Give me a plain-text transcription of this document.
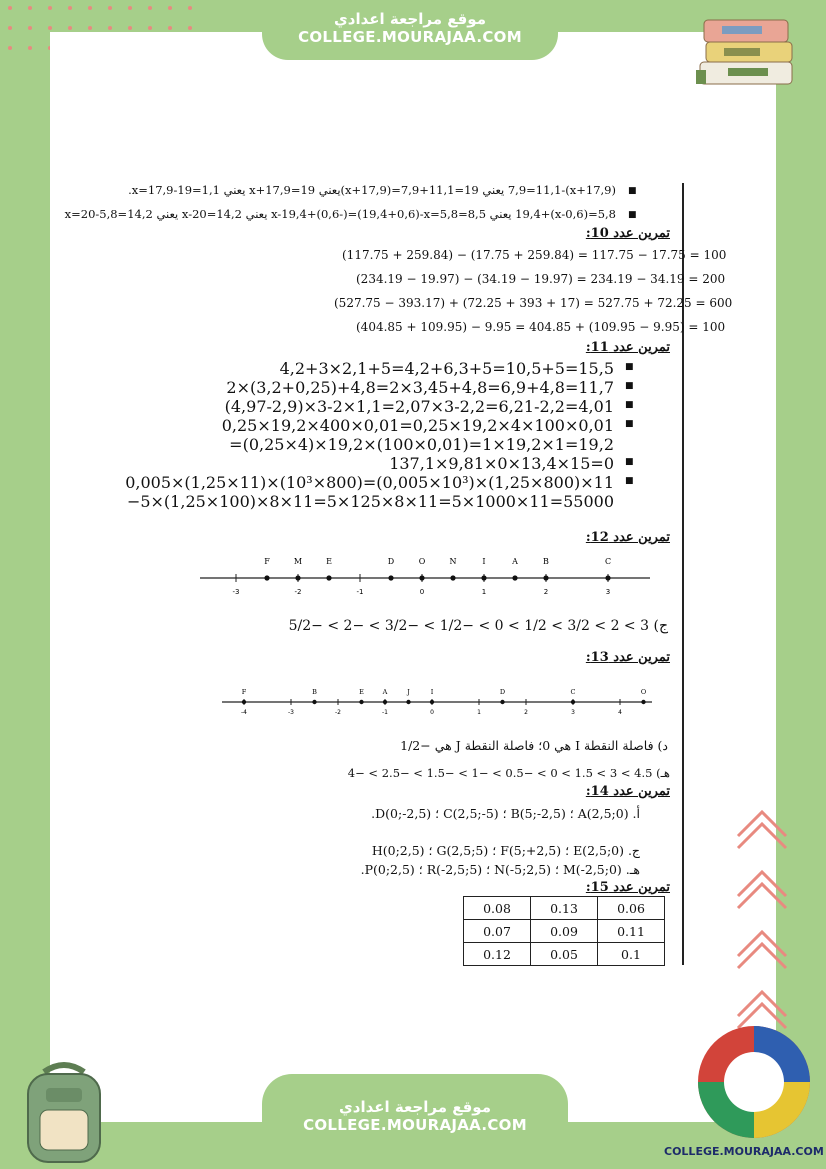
موقع مراجعة اعدادي
COLLEGE.MOURAJAA.COM
■
(x+17,9)-7,9=11,1 يعني 19=11,1+7,9=(x+17,9)يعني 19=x+17,9 يعني 1,1=19-17,9=x.
■
5,8=(0,6-x)+19,4 يعني 8,5=x-19,4+(0,6-)=(19,4+0,6)-x=5,8 يعني x-20=14,2 يعني x=20-5,8=14,2
تمرين عدد 10:
(117.75 + 259.84) − (17.75 + 259.84) = 117.75 − 17.75 = 100
(234.19 − 19.97) − (34.19 − 19.97) = 234.19 − 34.19 = 200
(527.75 − 393.17) + (72.25 + 393 + 17) = 527.75 + 72.25 = 600
(404.85 + 109.95) − 9.95 = 404.85 + (109.95 − 9.95) = 100
تمرين عدد 11:
■
4,2+3×2,1+5=4,2+6,3+5=10,5+5=15,5
■
2×(3,2+0,25)+4,8=2×3,45+4,8=6,9+4,8=11,7
■
(4,97-2,9)×3-2×1,1=2,07×3-2,2=6,21-2,2=4,01
■
0,25×19,2×400×0,01=0,25×19,2×4×100×0,01
=(0,25×4)×19,2×(100×0,01)=1×19,2×1=19,2
■
137,1×9,81×0×13,4×15=0
■
0,005×(1,25×11)×(10³×800)=(0,005×10³)×(1,25×800)×11
−5×(1,25×100)×8×11=5×125×8×11=5×1000×11=55000
تمرين عدد 12:
-3	-2	-1	0	1	2	3
F	M	E	D	O	N	I	A	B	C
ج) 3 > 2 > 3/2 > 1/2 > 0 > −1/2 > −3/2 > −2 > −5/2
تمرين عدد 13:
-4	-3	-2	-1	0	1	2	3	4
F	B	E	A	J	I	D	C	O
د) فاصلة النقطة I هي 0؛ فاصلة النقطة J هي −1/2
هـ) 4.5 > 3 > 1.5 > 0 > −0.5 > −1 > −1.5 > −2.5 > −4
تمرين عدد 14:
أ. A(2,5;0) ؛ B(5;-2,5) ؛ C(2,5;-5) ؛ D(0;-2,5).
ج. E(2,5;0) ؛ F(5;+2,5) ؛ G(2,5;5) ؛ H(0;2,5)
هـ. M(-2,5;0) ؛ N(-5;2,5) ؛ R(-2,5;5) ؛ P(0;2,5).
تمرين عدد 15:
0.08	0.13	0.06
0.07	0.09	0.11
0.12	0.05	0.1
موقع مراجعة اعدادي
COLLEGE.MOURAJAA.COM
COLLEGE.MOURAJAA.COM
